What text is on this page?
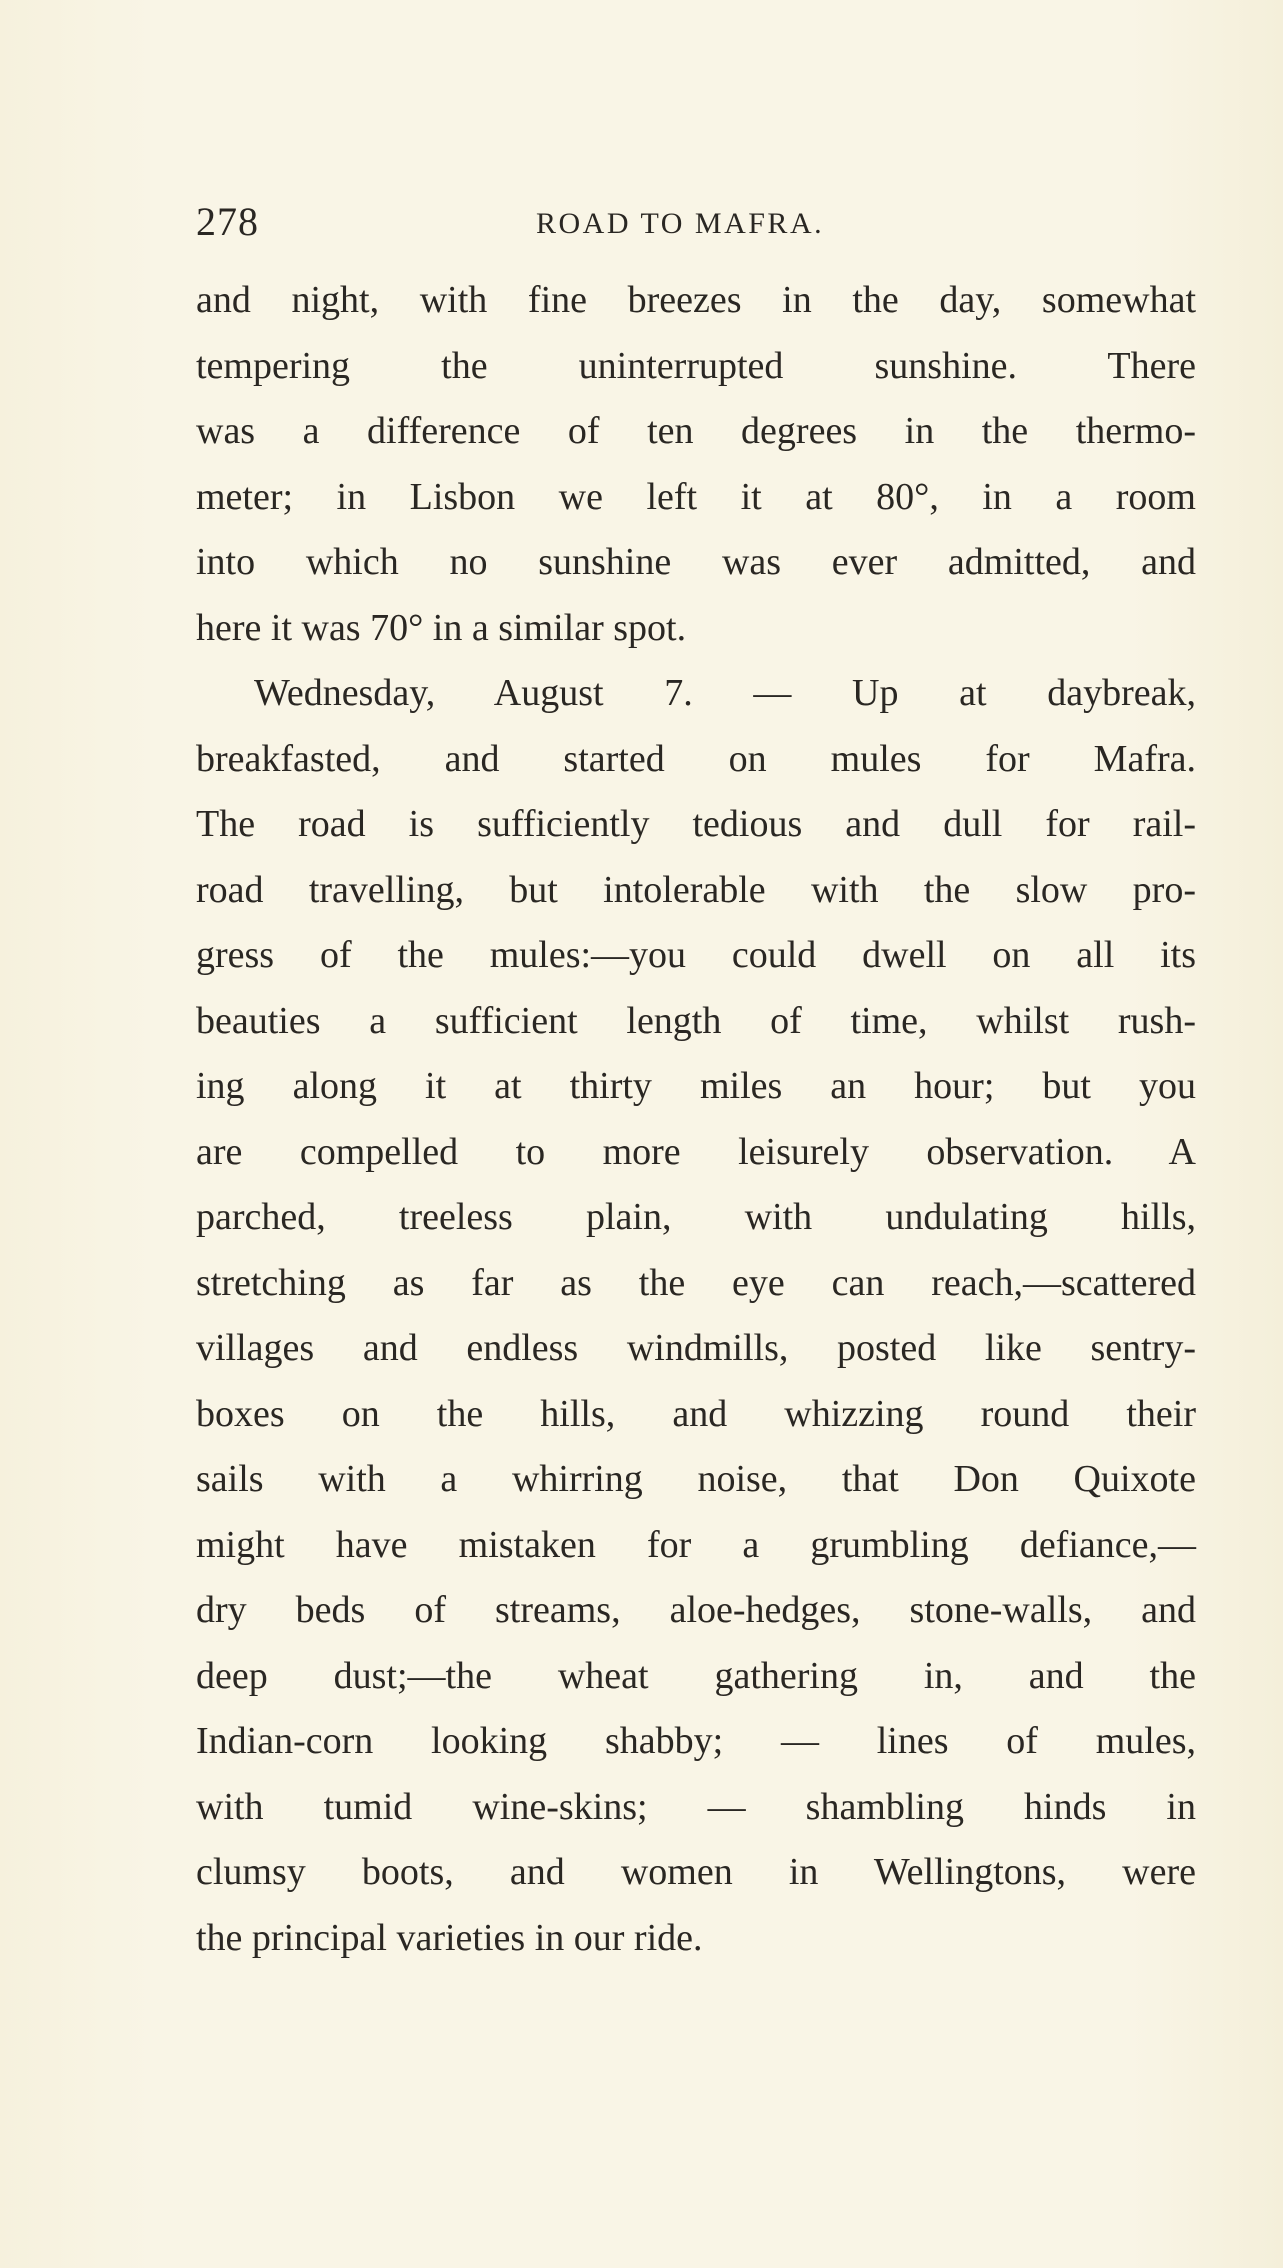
278	ROAD TO MAFRA.
and night, with fine breezes in the day, somewhat
tempering the uninterrupted sunshine. There
was a difference of ten degrees in the thermo-
meter; in Lisbon we left it at 80°, in a room
into which no sunshine was ever admitted, and
here it was 70° in a similar spot.
Wednesday, August 7. — Up at daybreak,
breakfasted, and started on mules for Mafra.
The road is sufficiently tedious and dull for rail-
road travelling, but intolerable with the slow pro-
gress of the mules:—you could dwell on all its
beauties a sufficient length of time, whilst rush-
ing along it at thirty miles an hour; but you
are compelled to more leisurely observation. A
parched, treeless plain, with undulating hills,
stretching as far as the eye can reach,—scattered
villages and endless windmills, posted like sentry-
boxes on the hills, and whizzing round their
sails with a whirring noise, that Don Quixote
might have mistaken for a grumbling defiance,—
dry beds of streams, aloe-hedges, stone-walls, and
deep dust;—the wheat gathering in, and the
Indian-corn looking shabby; — lines of mules,
with tumid wine-skins; — shambling hinds in
clumsy boots, and women in Wellingtons, were
the principal varieties in our ride.
